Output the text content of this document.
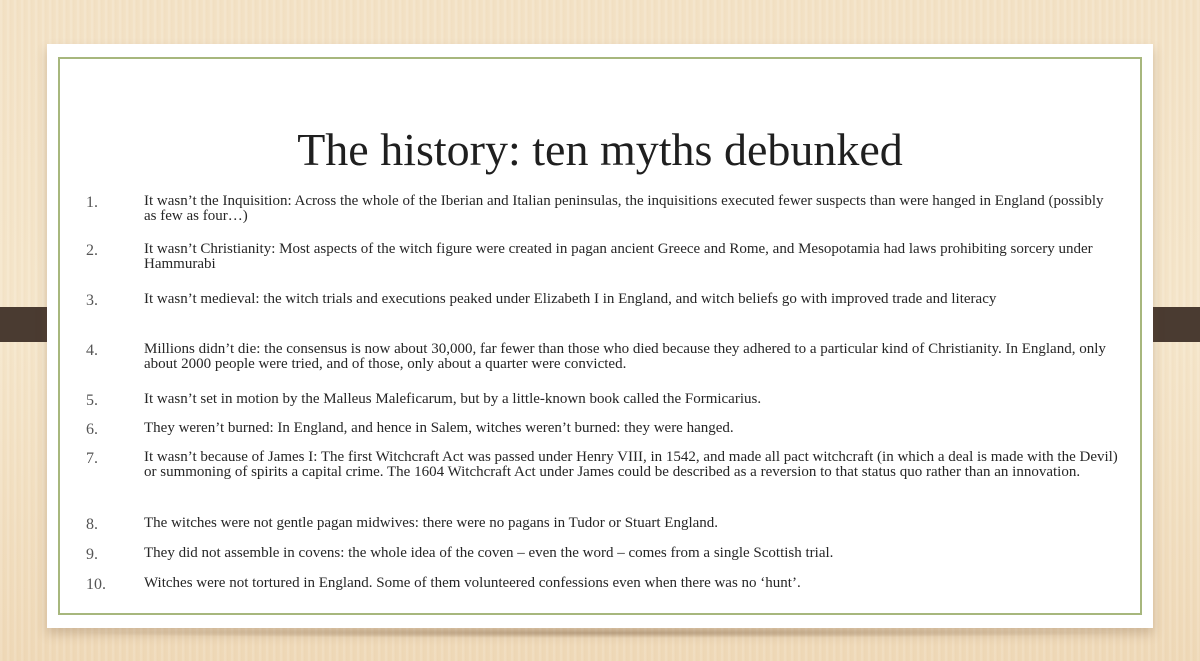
The history: ten myths debunked
1.	It wasn’t the Inquisition: Across the whole of the Iberian and Italian peninsulas, the inquisitions executed fewer suspects than were hanged in England (possibly as few as four…)
2.	It wasn’t Christianity: Most aspects of the witch figure were created in pagan ancient Greece and Rome, and Mesopotamia had laws prohibiting sorcery under Hammurabi
3.	It wasn’t medieval: the witch trials and executions peaked under Elizabeth I in England, and witch beliefs go with improved trade and literacy
4.	Millions didn’t die: the consensus is now about 30,000, far fewer than those who died because they adhered to a particular kind of Christianity. In England, only about 2000 people were tried, and of those, only about a quarter were convicted.
5.	It wasn’t set in motion by the Malleus Maleficarum, but by a little-known book called the Formicarius.
6.	They weren’t burned: In England, and hence in Salem, witches weren’t burned: they were hanged.
7.	It wasn’t because of James I: The first Witchcraft Act was passed under Henry VIII, in 1542, and made all pact witchcraft (in which a deal is made with the Devil) or summoning of spirits a capital crime. The 1604 Witchcraft Act under James could be described as a reversion to that status quo rather than an innovation.
8.	The witches were not gentle pagan midwives: there were no pagans in Tudor or Stuart England.
9.	They did not assemble in covens: the whole idea of the coven – even the word – comes from a single Scottish trial.
10.	Witches were not tortured in England. Some of them volunteered confessions even when there was no ‘hunt’.
